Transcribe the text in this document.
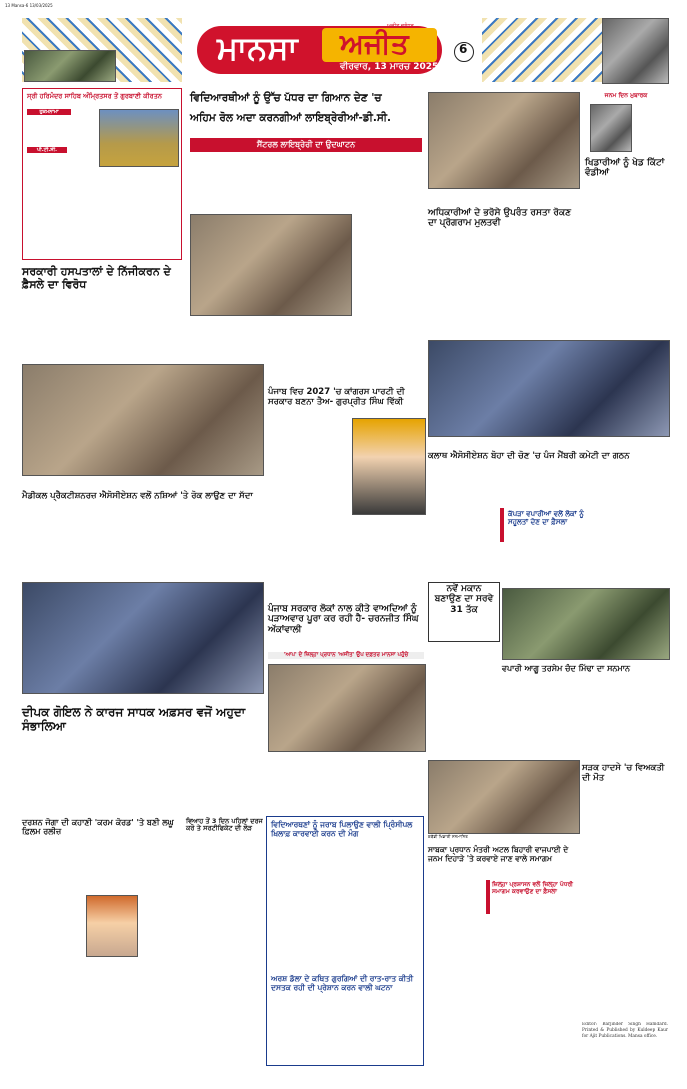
ਮਾਨਸਾ ਅਜੀਤ
ਅਜੀਤ ਜਲੰਧਰ
ਵੀਰਵਾਰ, 13 ਮਾਰਚ 2025
6
13 Mansa-6 13/03/2025
ਸ੍ਰੀ ਹਰਿਮੰਦਰ ਸਾਹਿਬ ਅੰਮ੍ਰਿਤਸਰ ਤੋਂ ਗੁਰਬਾਣੀ ਕੀਰਤਨ
ਹੁਕਮਨਾਮਾ
ਪੀ.ਟੀ.ਸੀ.
ਸਰਕਾਰੀ ਹਸਪਤਾਲਾਂ ਦੇ ਨਿੱਜੀਕਰਨ ਦੇ ਫ਼ੈਸਲੇ ਦਾ ਵਿਰੋਧ
ਮੈਡੀਕਲ ਪ੍ਰੈਕਟੀਸ਼ਨਰਜ਼ ਐਸੋਸੀਏਸ਼ਨ ਵਲੋਂ ਨਸ਼ਿਆਂ 'ਤੇ ਰੋਕ ਲਾਉਣ ਦਾ ਸੱਦਾ
ਦੀਪਕ ਗੋਇਲ ਨੇ ਕਾਰਜ ਸਾਧਕ ਅਫ਼ਸਰ ਵਜੋਂ ਅਹੁਦਾ ਸੰਭਾਲਿਆ
ਦਰਸ਼ਨ ਜੋਗਾ ਦੀ ਕਹਾਣੀ 'ਕਰਮ ਕੋਰਡ' 'ਤੇ ਬਣੀ ਲਘੂ ਫ਼ਿਲਮ ਰਲੀਜ਼
ਵਿਦਿਆਰਥੀਆਂ ਨੂੰ ਉੱਚ ਪੱਧਰ ਦਾ ਗਿਆਨ ਦੇਣ 'ਚ
ਅਹਿਮ ਰੋਲ ਅਦਾ ਕਰਨਗੀਆਂ ਲਾਇਬ੍ਰੇਰੀਆਂ-ਡੀ.ਸੀ.
ਸੈਂਟਰਲ ਲਾਇਬ੍ਰੇਰੀ ਦਾ ਉਦਘਾਟਨ
ਅਧਿਕਾਰੀਆਂ ਦੇ ਭਰੋਸੇ ਉਪਰੰਤ ਰਸਤਾ ਰੋਕਣ ਦਾ ਪ੍ਰੋਗਰਾਮ ਮੁਲਤਵੀ
ਜਨਮ ਦਿਨ ਮੁਬਾਰਕ
ਖਿਡਾਰੀਆਂ ਨੂੰ ਖੇਡ ਕਿੱਟਾਂ ਵੰਡੀਆਂ
ਪੰਜਾਬ ਵਿਚ 2027 'ਚ ਕਾਂਗਰਸ ਪਾਰਟੀ ਦੀ ਸਰਕਾਰ ਬਣਨਾ ਤੈਅ- ਗੁਰਪ੍ਰੀਤ ਸਿੰਘ ਵਿੱਕੀ
ਕਲਾਥ ਐਸੋਸੀਏਸ਼ਨ ਬੋਹਾ ਦੀ ਚੋਣ 'ਚ ਪੰਜ ਮੈਂਬਰੀ ਕਮੇਟੀ ਦਾ ਗਠਨ
ਕੱਪੜਾ ਵਪਾਰੀਆਂ ਵਲੋਂ ਲੋਕਾਂ ਨੂੰ ਸਹੂਲਤਾਂ ਦੇਣ ਦਾ ਫ਼ੈਸਲਾ
ਪੰਜਾਬ ਸਰਕਾਰ ਲੋਕਾਂ ਨਾਲ ਕੀਤੇ ਵਾਅਦਿਆਂ ਨੂੰ ਪੜਾਅਵਾਰ ਪੂਰਾ ਕਰ ਰਹੀ ਹੈ- ਚਰਨਜੀਤ ਸਿੰਘ ਅੱਕਾਂਵਾਲੀ
'ਆਪ' ਦੇ ਜ਼ਿਲ੍ਹਾ ਪ੍ਰਧਾਨ 'ਅਜੀਤ' ਉਪ ਦਫ਼ਤਰ ਮਾਨਸਾ ਪਹੁੰਚੇ
ਨਵੇਂ ਮਕਾਨ ਬਣਾਉਣ ਦਾ ਸਰਵੇ 31 ਤੱਕ
ਵਪਾਰੀ ਆਗੂ ਤਰਸੇਮ ਚੰਦ ਮਿੱਢਾ ਦਾ ਸਨਮਾਨ
ਵਿਆਹ ਤੋਂ 3 ਦਿਨ ਪਹਿਲਾਂ ਦਰਜ ਕਰੋ ਤੇ ਸਰਟੀਫਿਕੇਟ ਦੀ ਲੋੜ	ਵਿਦਿਆਰਥਣਾਂ ਨੂੰ ਜਰਾਬ ਪਿਲਾਉਣ ਵਾਲੀ ਪ੍ਰਿੰਸੀਪਲ ਖ਼ਿਲਾਫ਼ ਕਾਰਵਾਈ ਕਰਨ ਦੀ ਮੰਗ
ਅਰਸ਼ ਡੱਲਾ ਦੇ ਕਥਿਤ ਗੁਰਗਿਆਂ ਦੀ ਰਾਤ-ਰਾਤ ਕੀਤੀ ਦਸਤਕ ਰਹੀ ਦੀ ਪ੍ਰੇਸ਼ਾਨ ਕਰਨ ਵਾਲੀ ਘਟਨਾ
ਕਬੱਡੀ ਖਿਡਾਰੀ ਸਨਮਾਨਿਤ
ਸਾਬਕਾ ਪ੍ਰਧਾਨ ਮੰਤਰੀ ਅਟਲ ਬਿਹਾਰੀ ਵਾਜਪਾਈ ਦੇ ਜਨਮ ਦਿਹਾੜੇ 'ਤੇ ਕਰਵਾਏ ਜਾਣ ਵਾਲੇ ਸਮਾਗਮ
ਜ਼ਿਲ੍ਹਾ ਪ੍ਰਸ਼ਾਸਨ ਵਲੋਂ ਜ਼ਿਲ੍ਹਾ ਪੱਧਰੀ ਸਮਾਗਮ ਕਰਵਾਉਣ ਦਾ ਫ਼ੈਸਲਾ
ਸੜਕ ਹਾਦਸੇ 'ਚ ਵਿਅਕਤੀ ਦੀ ਮੌਤ
Editor: Barjinder Singh Hamdard. Printed & Published by Kuldeep Kaur for Ajit Publications. Mansa office.
